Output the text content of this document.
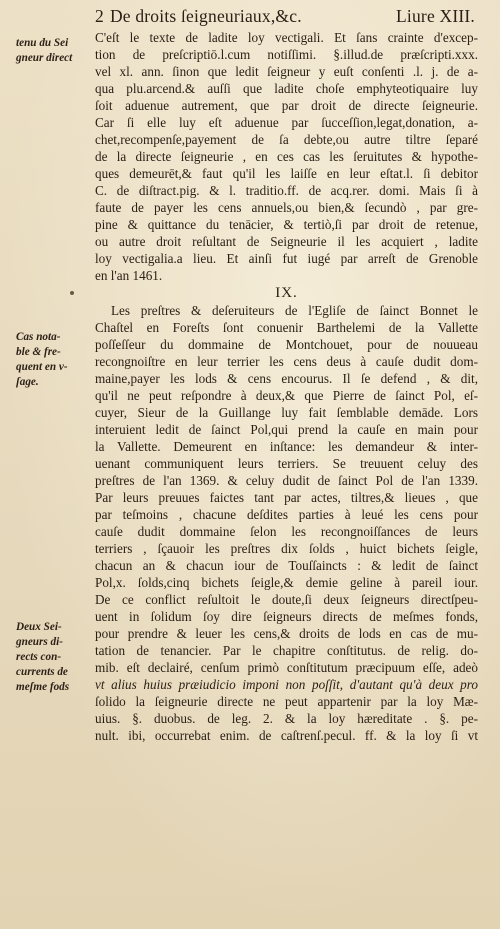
2 De droits ſeigneuriaux,&c.	Liure XIII.
tenu du Sei
gneur direct
Cas nota-
ble & fre-
quent en v-
ſage.
Deux Sei-
gneurs di-
rects con-
currents de
meſme fods
C'eſt le texte de ladite loy vectigali. Et ſans crainte d'excep-
tion de preſcriptiō.l.cum notiſſimi. §.illud.de præſcripti.xxx.
vel xl. ann. ſinon que ledit ſeigneur y euſt conſenti .l. j. de a-
qua plu.arcend.& auſſi que ladite choſe emphyteotiquaire luy
ſoit aduenue autrement, que par droit de directe ſeigneurie.
Car ſi elle luy eſt aduenue par ſucceſſion,legat,donation, a-
chet,recompenſe,payement de ſa debte,ou autre tiltre ſeparé
de la directe ſeigneurie , en ces cas les ſeruitutes & hypothe-
ques demeurēt,& faut qu'il les laiſſe en leur eſtat.l. ſi debitor
C. de diſtract.pig. & l. traditio.ff. de acq.rer. domi. Mais ſi à
faute de payer les cens annuels,ou bien,& ſecundò , par gre-
pine & quittance du tenācier, & tertiò,ſi par droit de retenue,
ou autre droit reſultant de Seigneurie il les acquiert , ladite
loy vectigalia.a lieu. Et ainſi fut iugé par arreſt de Grenoble
en l'an 1461.
IX.
Les preſtres & deſeruiteurs de l'Egliſe de ſainct Bonnet le
Chaſtel en Foreſts ſont conuenir Barthelemi de la Vallette
poſſeſſeur du dommaine de Montchouet, pour de nouueau
recongnoiſtre en leur terrier les cens deus à cauſe dudit dom-
maine,payer les lods & cens encourus. Il ſe defend , & dit,
qu'il ne peut reſpondre à deux,& que Pierre de ſainct Pol, eſ-
cuyer, Sieur de la Guillange luy fait ſemblable demāde. Lors
interuient ledit de ſainct Pol,qui prend la cauſe en main pour
la Vallette. Demeurent en inſtance: les demandeur & inter-
uenant communiquent leurs terriers. Se treuuent celuy des
preſtres de l'an 1369. & celuy dudit de ſainct Pol de l'an 1339.
Par leurs preuues faictes tant par actes, tiltres,& lieues , que
par teſmoins , chacune deſdites parties à leué les cens pour
cauſe dudit dommaine ſelon les recongnoiſſances de leurs
terriers , ſçauoir les preſtres dix ſolds , huict bichets ſeigle,
chacun an & chacun iour de Touſſaincts : & ledit de ſainct
Pol,x. ſolds,cinq bichets ſeigle,& demie geline à pareil iour.
De ce conflict reſultoit le doute,ſi deux ſeigneurs directſpeu-
uent in ſolidum ſoy dire ſeigneurs directs de meſmes fonds,
pour prendre & leuer les cens,& droits de lods en cas de mu-
tation de tenancier. Par le chapitre conſtitutus. de relig. do-
mib. eſt declairé, cenſum primò conſtitutum præcipuum eſſe, adeò
vt alius huius præiudicio imponi non poſſit, d'autant qu'à deux pro
ſolido la ſeigneurie directe ne peut appartenir par la loy Mæ-
uius. §. duobus. de leg. 2. & la loy hæreditate . §. pe-
nult. ibi, occurrebat enim. de caſtrenſ.pecul. ff. & la loy ſi vt
